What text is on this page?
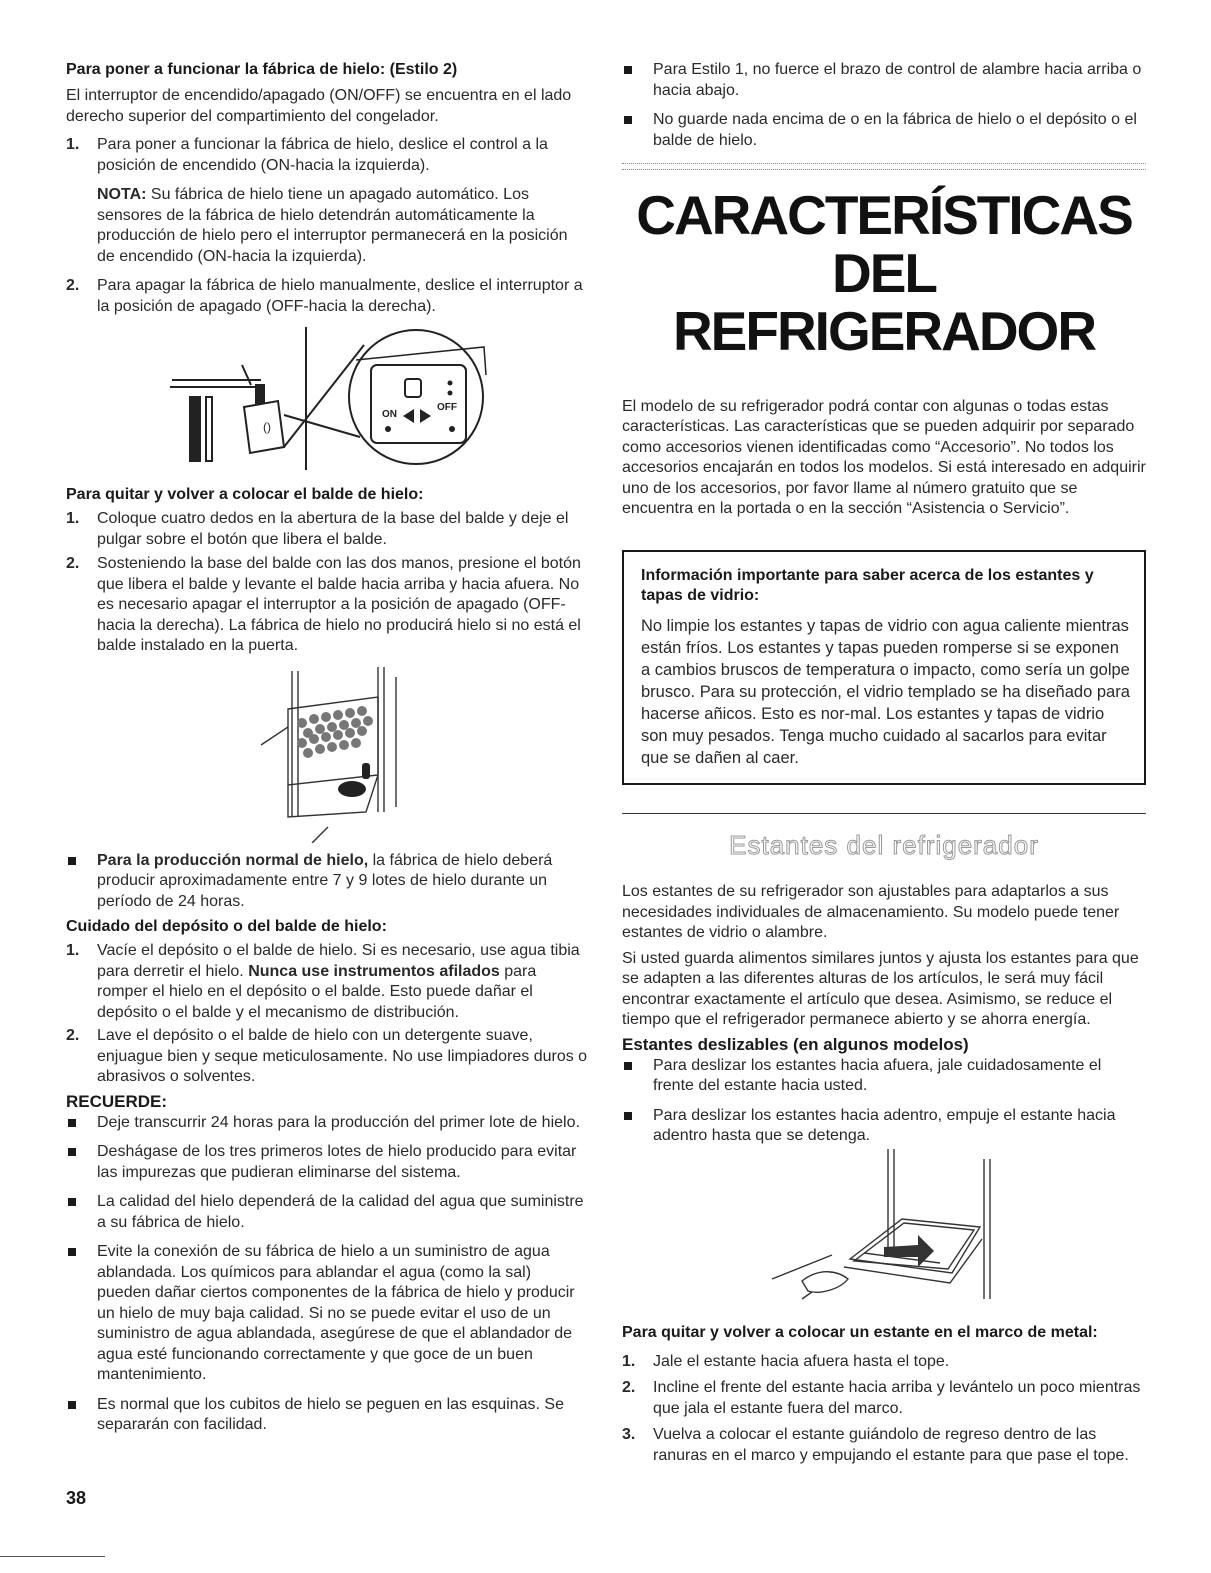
Para poner a funcionar la fábrica de hielo: (Estilo 2)

El interruptor de encendido/apagado (ON/OFF) se encuentra en el lado derecho superior del compartimiento del congelador.

1. Para poner a funcionar la fábrica de hielo, deslice el control a la posición de encendido (ON-hacia la izquierda).

NOTA: Su fábrica de hielo tiene un apagado automático. Los sensores de la fábrica de hielo detendrán automáticamente la producción de hielo pero el interruptor permanecerá en la posición de encendido (ON-hacia la izquierda).

2. Para apagar la fábrica de hielo manualmente, deslice el interruptor a la posición de apagado (OFF-hacia la derecha).
()
ON
OFF
Para quitar y volver a colocar el balde de hielo:
1. Coloque cuatro dedos en la abertura de la base del balde y deje el pulgar sobre el botón que libera el balde.
2. Sosteniendo la base del balde con las dos manos, presione el botón que libera el balde y levante el balde hacia arriba y hacia afuera. No es necesario apagar el interruptor a la posición de apagado (OFF- hacia la derecha). La fábrica de hielo no producirá hielo si no está el balde instalado en la puerta.
Para la producción normal de hielo, la fábrica de hielo deberá producir aproximadamente entre 7 y 9 lotes de hielo durante un período de 24 horas.
Cuidado del depósito o del balde de hielo:
1. Vacíe el depósito o el balde de hielo. Si es necesario, use agua tibia para derretir el hielo. Nunca use instrumentos afilados para romper el hielo en el depósito o el balde. Esto puede dañar el depósito o el balde y el mecanismo de distribución.
2. Lave el depósito o el balde de hielo con un detergente suave, enjuague bien y seque meticulosamente. No use limpiadores duros o abrasivos o solventes.
RECUERDE:
Deje transcurrir 24 horas para la producción del primer lote de hielo.
Deshágase de los tres primeros lotes de hielo producido para evitar las impurezas que pudieran eliminarse del sistema.
La calidad del hielo dependerá de la calidad del agua que suministre a su fábrica de hielo.
Evite la conexión de su fábrica de hielo a un suministro de agua ablandada. Los químicos para ablandar el agua (como la sal) pueden dañar ciertos componentes de la fábrica de hielo y producir un hielo de muy baja calidad. Si no se puede evitar el uso de un suministro de agua ablandada, asegúrese de que el ablandador de agua esté funcionando correctamente y que goce de un buen mantenimiento.
Es normal que los cubitos de hielo se peguen en las esquinas. Se separarán con facilidad.
Para Estilo 1, no fuerce el brazo de control de alambre hacia arriba o hacia abajo.
No guarde nada encima de o en la fábrica de hielo o el depósito o el balde de hielo.
CARACTERÍSTICAS DEL
REFRIGERADOR

El modelo de su refrigerador podrá contar con algunas o todas estas características. Las características que se pueden adquirir por separado como accesorios vienen identificadas como “Accesorio”. No todos los accesorios encajarán en todos los modelos. Si está interesado en adquirir uno de los accesorios, por favor llame al número gratuito que se encuentra en la portada o en la sección “Asistencia o Servicio”.

Información importante para saber acerca de los estantes y tapas de vidrio:

No limpie los estantes y tapas de vidrio con agua caliente mientras están fríos. Los estantes y tapas pueden romperse si se exponen a cambios bruscos de temperatura o impacto, como sería un golpe brusco. Para su protección, el vidrio templado se ha diseñado para hacerse añicos. Esto es nor-mal. Los estantes y tapas de vidrio son muy pesados. Tenga mucho cuidado al sacarlos para evitar que se dañen al caer.

Estantes del refrigerador

Los estantes de su refrigerador son ajustables para adaptarlos a sus necesidades individuales de almacenamiento. Su modelo puede tener estantes de vidrio o alambre.

Si usted guarda alimentos similares juntos y ajusta los estantes para que se adapten a las diferentes alturas de los artículos, le será muy fácil encontrar exactamente el artículo que desea. Asimismo, se reduce el tiempo que el refrigerador permanece abierto y se ahorra energía.

Estantes deslizables (en algunos modelos)
Para deslizar los estantes hacia afuera, jale cuidadosamente el frente del estante hacia usted.
Para deslizar los estantes hacia adentro, empuje el estante hacia adentro hasta que se detenga.
Para quitar y volver a colocar un estante en el marco de metal:
1. Jale el estante hacia afuera hasta el tope.
2. Incline el frente del estante hacia arriba y levántelo un poco mientras que jala el estante fuera del marco.
3. Vuelva a colocar el estante guiándolo de regreso dentro de las ranuras en el marco y empujando el estante para que pase el tope.
38
